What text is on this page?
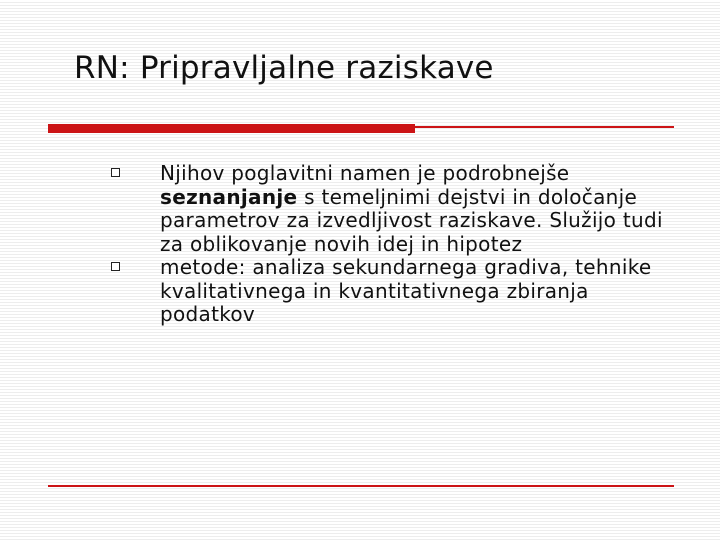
RN: Pripravljalne raziskave
Njihov poglavitni namen je podrobnejše seznanjanje s temeljnimi dejstvi in določanje parametrov za izvedljivost raziskave. Služijo tudi za oblikovanje novih idej in hipotez
metode: analiza sekundarnega gradiva, tehnike kvalitativnega in kvantitativnega zbiranja podatkov
